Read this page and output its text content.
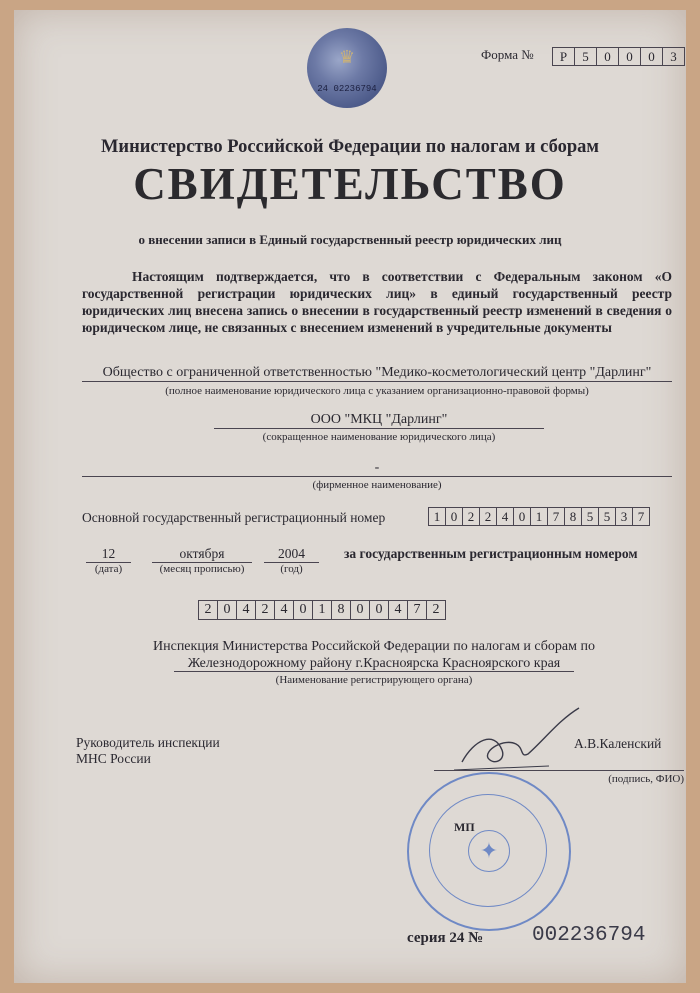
♛
24 02236794
Форма №	Р	5	0	0	0	3
Министерство Российской Федерации по налогам и сборам
СВИДЕТЕЛЬСТВО
о внесении записи в Единый государственный реестр юридических лиц
Настоящим подтверждается, что в соответствии с Федеральным законом «О государственной регистрации юридических лиц» в единый государственный реестр юридических лиц внесена запись о внесении в государственный реестр изменений в сведения о юридическом лице, не связанных с внесением изменений в учредительные документы
Общество с ограниченной ответственностью "Медико-косметологический центр "Дарлинг"
(полное наименование юридического лица с указанием организационно-правовой формы)
ООО "МКЦ "Дарлинг"
(сокращенное наименование юридического лица)
-
(фирменное наименование)
Основной государственный регистрационный номер	1 0 2 2 4 0 1 7 8 5 5 3 7
12
(дата)
октября
(месяц прописью)
2004
(год)
за государственным регистрационным номером
2 0 4 2 4 0 1 8 0 0 4 7 2
Инспекция Министерства Российской Федерации по налогам и сборам по
Железнодорожному району г.Красноярска Красноярского края
(Наименование регистрирующего органа)
Руководитель инспекции
МНС России
✦
А.В.Каленский
(подпись, ФИО)
МП
серия 24 № 002236794
